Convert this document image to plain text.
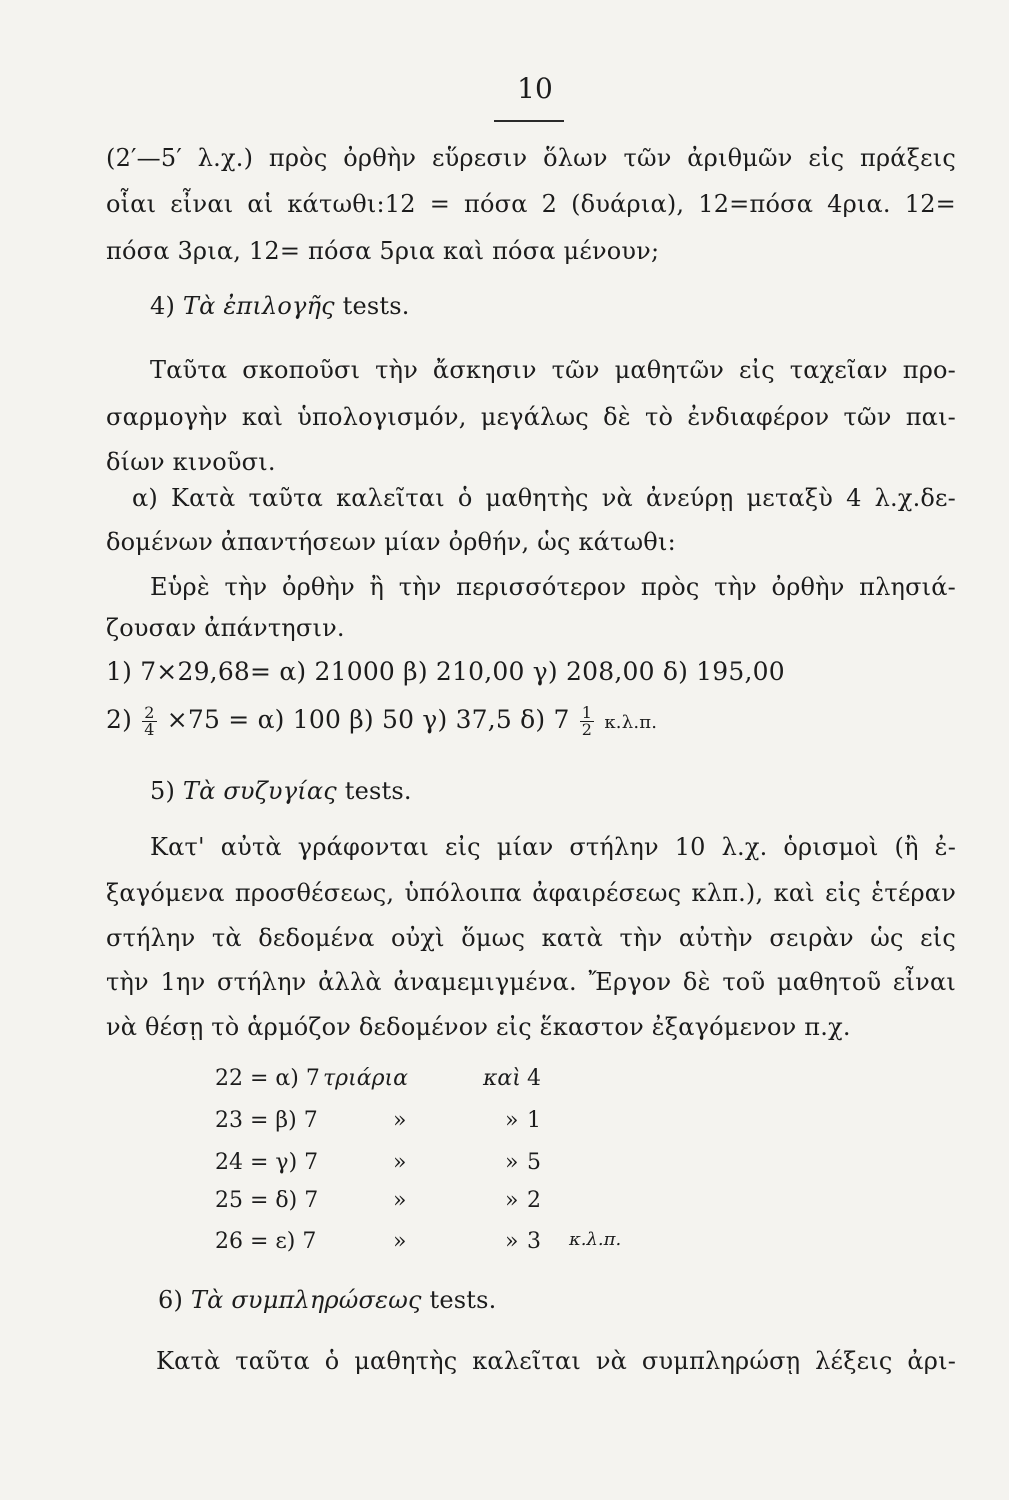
10
(2′—5′ λ.χ.) πρὸς ὀρθὴν εὕρεσιν ὅλων τῶν ἀριθμῶν εἰς πράξεις
οἷαι εἶναι αἱ κάτωθι:12 = πόσα 2 (δυάρια), 12=πόσα 4ρια. 12=
πόσα 3ρια, 12= πόσα 5ρια καὶ πόσα μένουν;
4) Τὰ ἐπιλογῆς tests.
Ταῦτα σκοποῦσι τὴν ἄσκησιν τῶν μαθητῶν εἰς ταχεῖαν προ-
σαρμογὴν καὶ ὑπολογισμόν, μεγάλως δὲ τὸ ἐνδιαφέρον τῶν παι-
δίων κινοῦσι.
α) Κατὰ ταῦτα καλεῖται ὁ μαθητὴς νὰ ἀνεύρῃ μεταξὺ 4 λ.χ.δε-
δομένων ἀπαντήσεων μίαν ὀρθήν, ὡς κάτωθι:
Εὑρὲ τὴν ὀρθὴν ἢ τὴν περισσότερον πρὸς τὴν ὀρθὴν πλησιά-
ζουσαν ἀπάντησιν.
1) 7×29,68= α) 21000 β) 210,00 γ) 208,00 δ) 195,00
$2) \frac{2}{4} \times 75 = \alpha$) 100 β) 50 γ) 37,5 δ) $7 \frac{1}{2} \kappa.\lambda.\pi$.
5) Τὰ συζυγίας tests.
Κατ' αὐτὰ γράφονται εἰς μίαν στήλην 10 λ.χ. ὁρισμοὶ (ἢ ἐ-
ξαγόμενα προσθέσεως, ὑπόλοιπα ἀφαιρέσεως κλπ.), καὶ εἰς ἑτέραν
στήλην τὰ δεδομένα οὐχὶ ὅμως κατὰ τὴν αὐτὴν σειρὰν ὡς εἰς
τὴν 1ην στήλην ἀλλὰ ἀναμεμιγμένα. Ἔργον δὲ τοῦ μαθητοῦ εἶναι
νὰ θέσῃ τὸ ἁρμόζον δεδομένον εἰς ἕκαστον ἐξαγόμενον π.χ.
22 = α) 7 τριάρια	καὶ 4
23 = β) 7	»	» 1
24 = γ) 7	»	» 5
25 = δ) 7	»	» 2
26 = ε) 7	»	» 3 κ.λ.π.
6) Τὰ συμπληρώσεως tests.
Κατὰ ταῦτα ὁ μαθητὴς καλεῖται νὰ συμπληρώσῃ λέξεις ἀρι-
